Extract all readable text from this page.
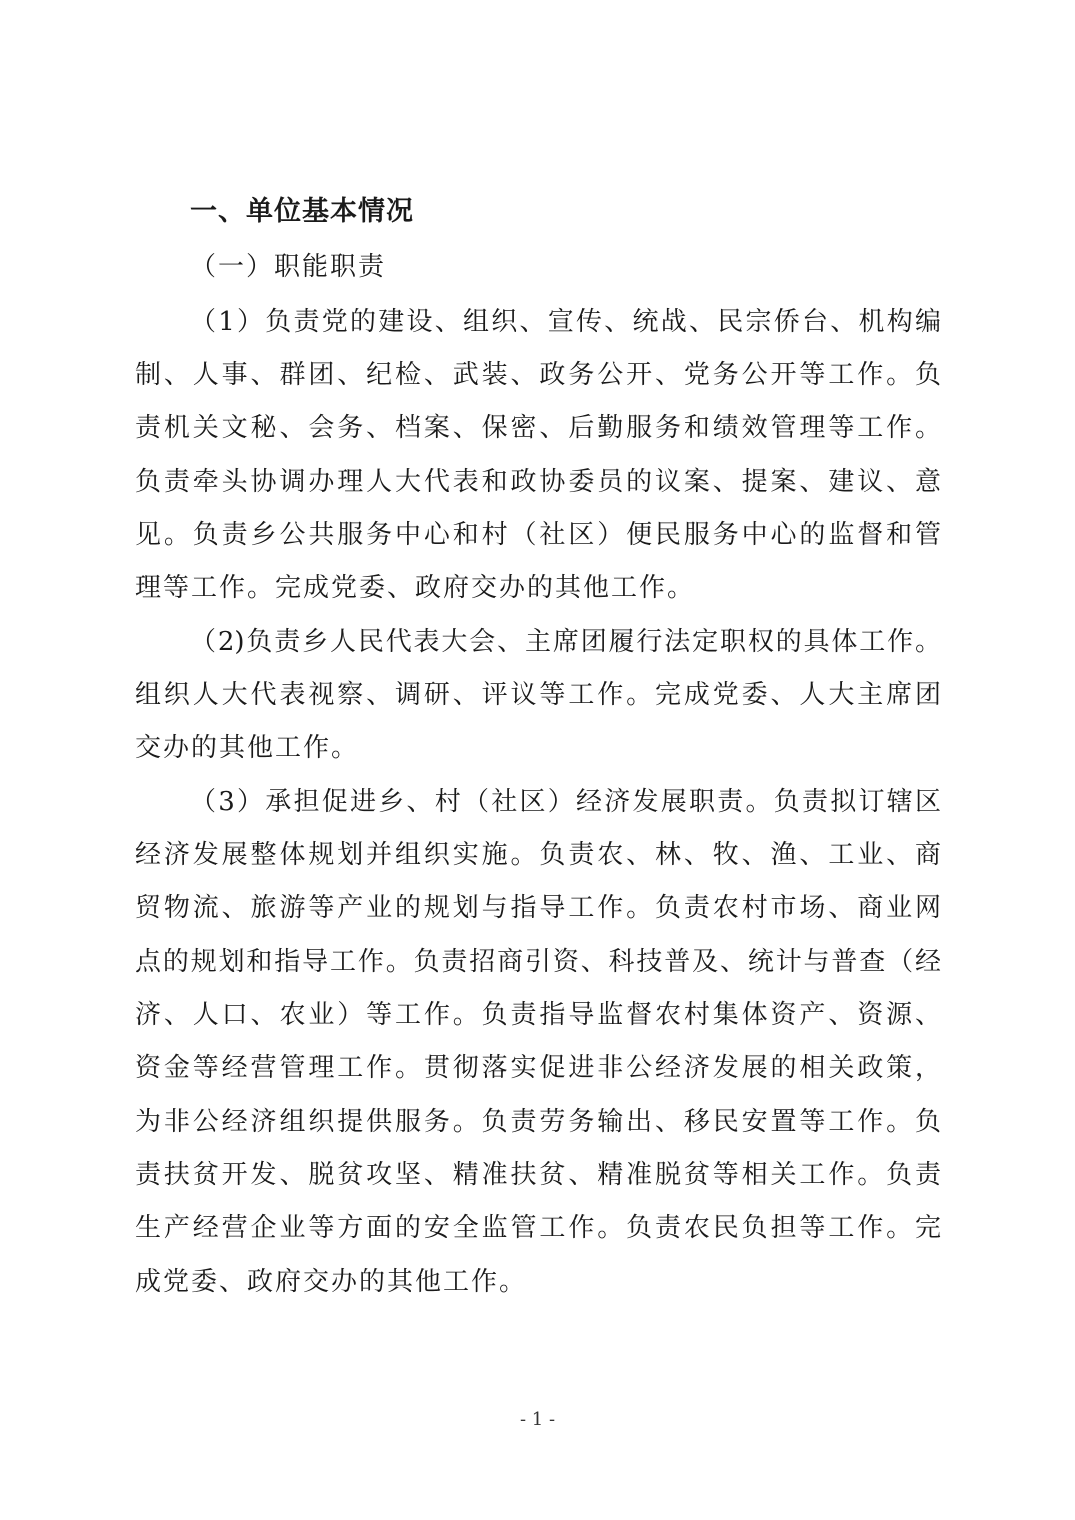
一、单位基本情况
（一）职能职责
（1）负责党的建设、组织、宣传、统战、民宗侨台、机构编
制、人事、群团、纪检、武装、政务公开、党务公开等工作。负
责机关文秘、会务、档案、保密、后勤服务和绩效管理等工作。
负责牵头协调办理人大代表和政协委员的议案、提案、建议、意
见。负责乡公共服务中心和村（社区）便民服务中心的监督和管
理等工作。完成党委、政府交办的其他工作。
（2)负责乡人民代表大会、主席团履行法定职权的具体工作。
组织人大代表视察、调研、评议等工作。完成党委、人大主席团
交办的其他工作。
（3）承担促进乡、村（社区）经济发展职责。负责拟订辖区
经济发展整体规划并组织实施。负责农、林、牧、渔、工业、商
贸物流、旅游等产业的规划与指导工作。负责农村市场、商业网
点的规划和指导工作。负责招商引资、科技普及、统计与普查（经
济、人口、农业）等工作。负责指导监督农村集体资产、资源、
资金等经营管理工作。贯彻落实促进非公经济发展的相关政策，
为非公经济组织提供服务。负责劳务输出、移民安置等工作。负
责扶贫开发、脱贫攻坚、精准扶贫、精准脱贫等相关工作。负责
生产经营企业等方面的安全监管工作。负责农民负担等工作。完
成党委、政府交办的其他工作。
- 1 -
